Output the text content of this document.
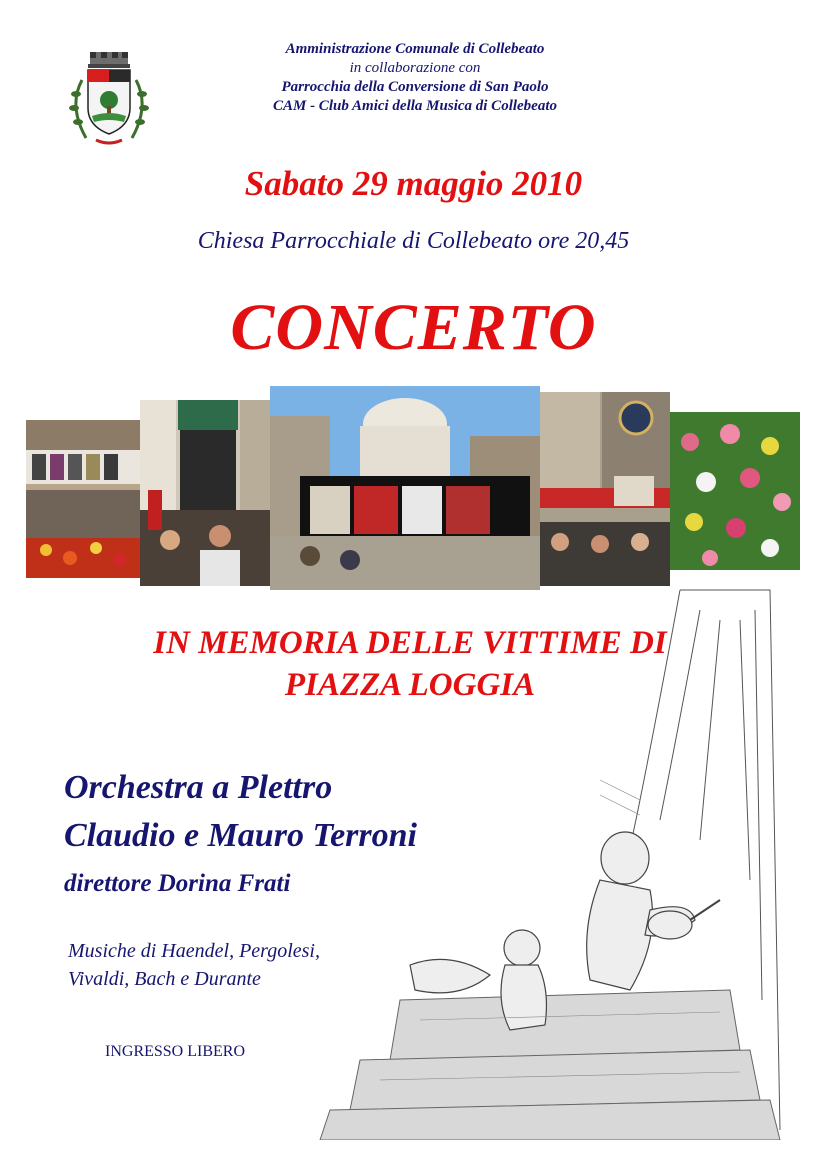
Amministrazione Comunale di Collebeato
in collaborazione con
Parrocchia della Conversione di San Paolo
CAM - Club Amici della Musica di Collebeato
Sabato 29 maggio 2010
Chiesa Parrocchiale di Collebeato ore 20,45
CONCERTO
IN MEMORIA DELLE VITTIME DI
PIAZZA LOGGIA
Orchestra a Plettro
Claudio e Mauro Terroni
direttore Dorina Frati
Musiche di Haendel, Pergolesi,
Vivaldi, Bach e Durante
INGRESSO LIBERO
